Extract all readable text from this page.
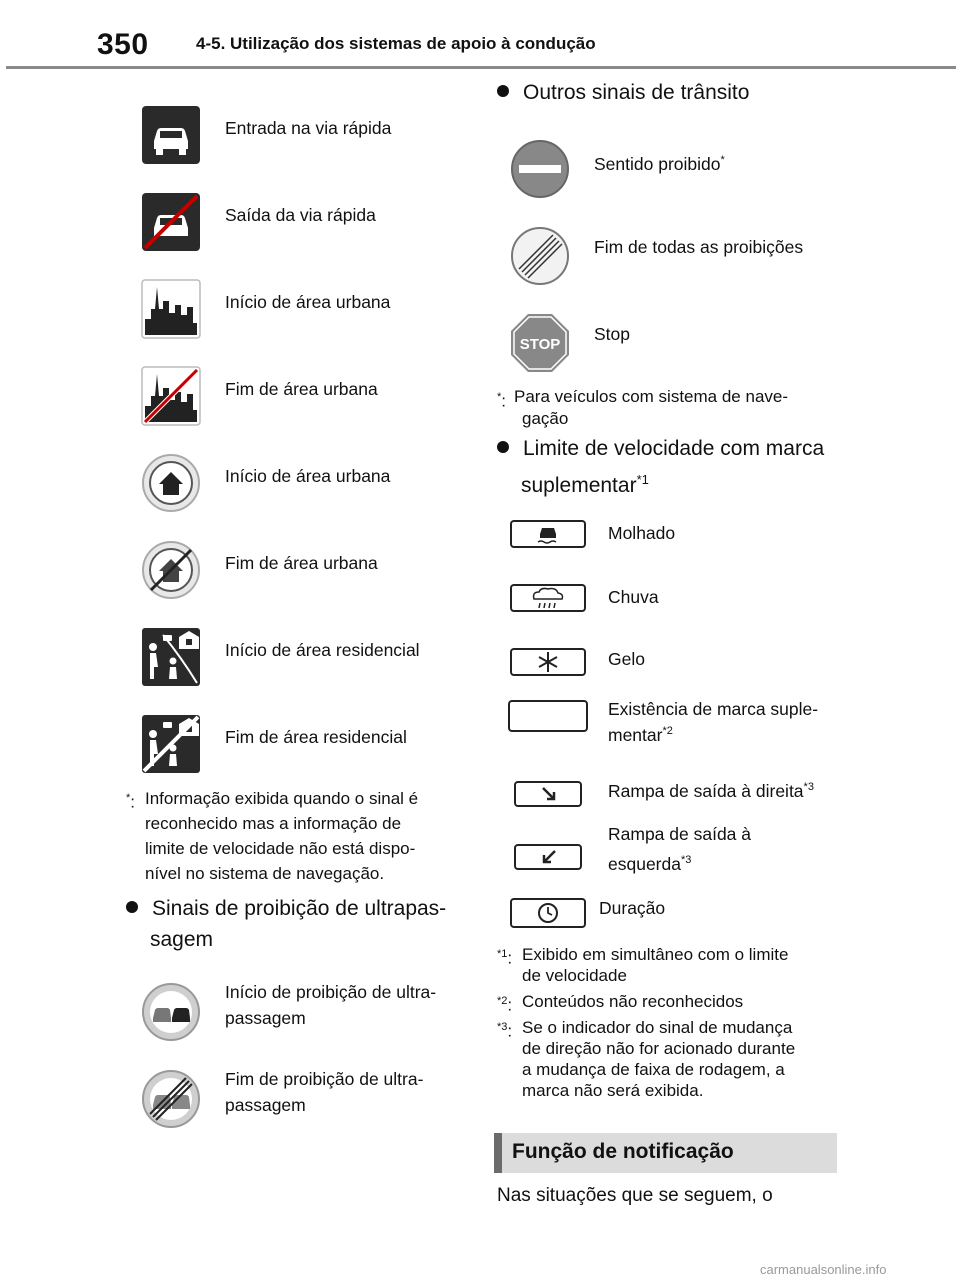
350	4-5. Utilização dos sistemas de apoio à condução
Entrada na via rápida
Saída da via rápida
Início de área urbana
Fim de área urbana
Início de área urbana
Fim de área urbana
Início de área residencial
Fim de área residencial
*: Informação exibida quando o sinal é
reconhecido mas a informação de
limite de velocidade não está dispo-
nível no sistema de navegação.
Sinais de proibição de ultrapas-
sagem
Início de proibição de ultra-
passagem
Fim de proibição de ultra-
passagem
Outros sinais de trânsito
Sentido proibido*
Fim de todas as proibições
STOP
Stop
*: Para veículos com sistema de nave-
gação
Limite de velocidade com marca
suplementar$^{*1}$
Molhado
Chuva
Gelo
Existência de marca suple-
mentar$^{*2}$
Rampa de saída à direita$^{*3}$
Rampa de saída à
esquerda$^{*3}$
Duração
$^{*1}$: Exibido em simultâneo com o limite
de velocidade
$^{*2}$: Conteúdos não reconhecidos
$^{*3}$: Se o indicador do sinal de mudança
de direção não for acionado durante
a mudança de faixa de rodagem, a
marca não será exibida.
Função de notificação
Nas situações que se seguem, o
carmanualsonline.info
